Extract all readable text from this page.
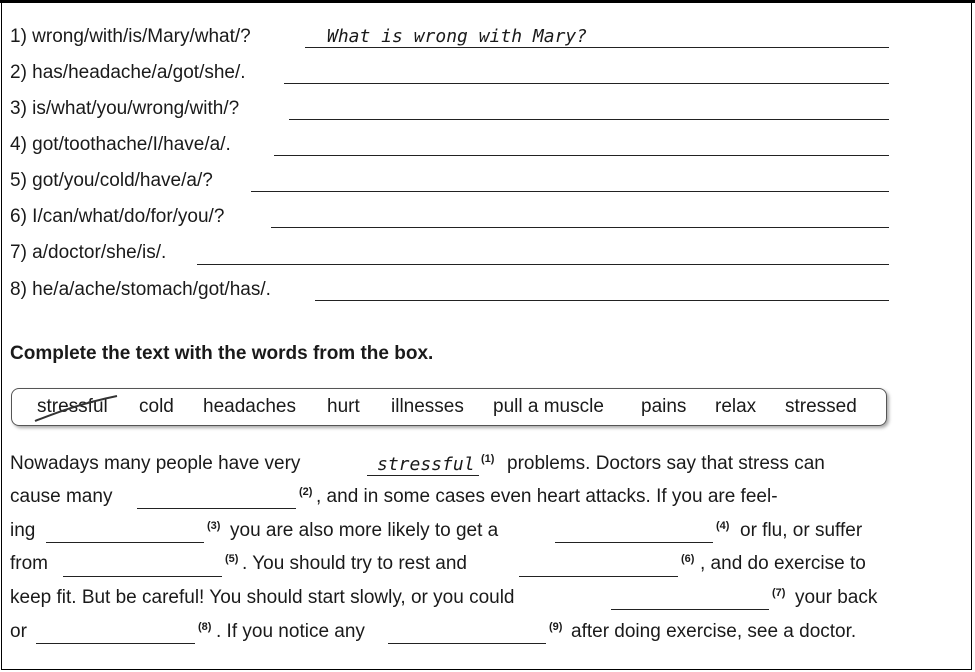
1) wrong/with/is/Mary/what/?	What is wrong with Mary?
2) has/headache/a/got/she/.
3) is/what/you/wrong/with/?
4) got/toothache/I/have/a/.
5) got/you/cold/have/a/?
6) I/can/what/do/for/you/?
7) a/doctor/she/is/.
8) he/a/ache/stomach/got/has/.
Complete the text with the words from the box.
stressful cold headaches hurt illnesses pull a muscle pains relax stressed
Nowadays many people have very	stressful (1) problems. Doctors say that stress can
cause many	(2) , and in some cases even heart attacks. If you are feel-
ing	(3) you are also more likely to get a	(4) or flu, or suffer
from	(5) . You should try to rest and	(6) , and do exercise to
keep fit. But be careful! You should start slowly, or you could	(7) your back
or	(8) . If you notice any	(9) after doing exercise, see a doctor.
